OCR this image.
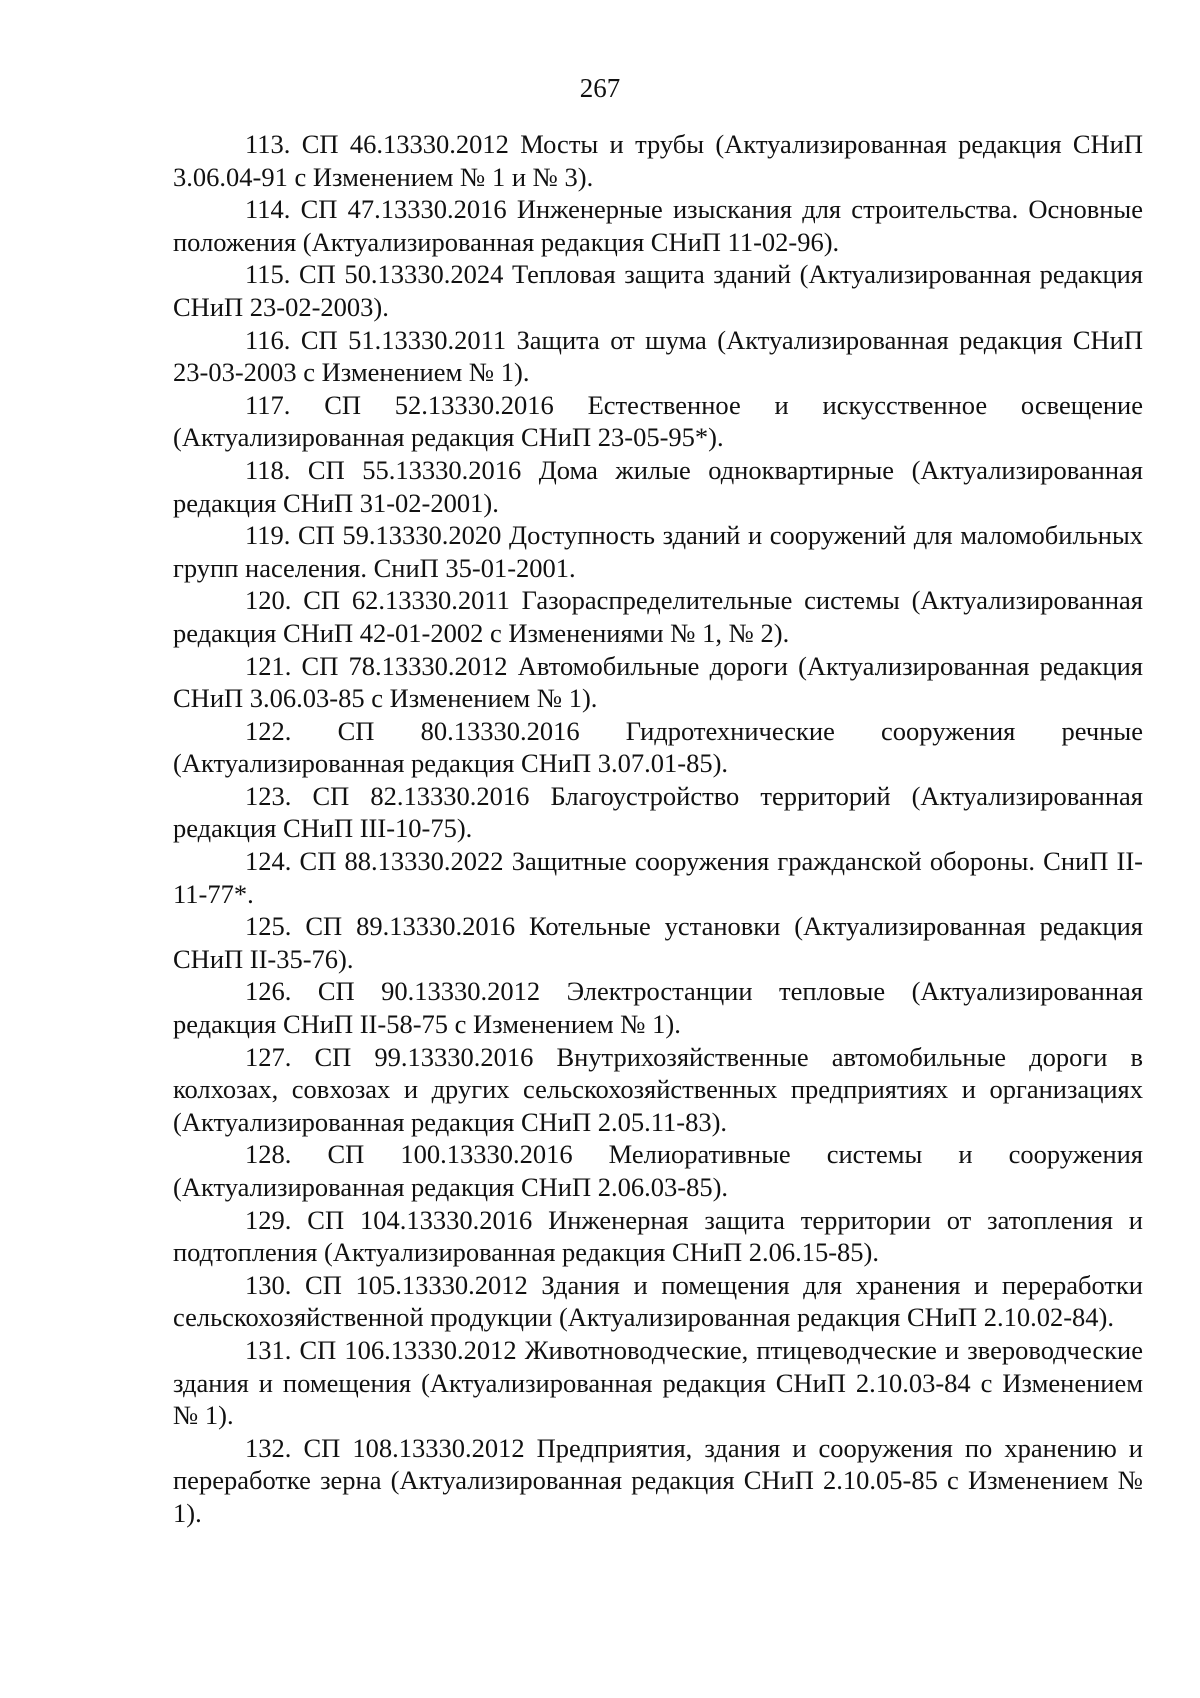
267

113. СП 46.13330.2012 Мосты и трубы (Актуализированная редакция СНиП 3.06.04-91 с Изменением № 1 и № 3).

114. СП 47.13330.2016 Инженерные изыскания для строительства. Основные положения (Актуализированная редакция СНиП 11-02-96).

115. СП 50.13330.2024 Тепловая защита зданий (Актуализированная редакция СНиП 23-02-2003).

116. СП 51.13330.2011 Защита от шума (Актуализированная редакция СНиП 23-03-2003 с Изменением № 1).

117. СП 52.13330.2016 Естественное и искусственное освещение (Актуализированная редакция СНиП 23-05-95*).

118. СП 55.13330.2016 Дома жилые одноквартирные (Актуализированная редакция СНиП 31-02-2001).

119. СП 59.13330.2020 Доступность зданий и сооружений для маломобильных групп населения. СниП 35-01-2001.

120. СП 62.13330.2011 Газораспределительные системы (Актуализированная редакция СНиП 42-01-2002 с Изменениями № 1, № 2).

121. СП 78.13330.2012 Автомобильные дороги (Актуализированная редакция СНиП 3.06.03-85 с Изменением № 1).

122. СП 80.13330.2016 Гидротехнические сооружения речные (Актуализированная редакция СНиП 3.07.01-85).

123. СП 82.13330.2016 Благоустройство территорий (Актуализированная редакция СНиП III-10-75).

124. СП 88.13330.2022 Защитные сооружения гражданской обороны. СниП II-11-77*.

125. СП 89.13330.2016 Котельные установки (Актуализированная редакция СНиП II-35-76).

126. СП 90.13330.2012 Электростанции тепловые (Актуализированная редакция СНиП II-58-75 с Изменением № 1).

127. СП 99.13330.2016 Внутрихозяйственные автомобильные дороги в колхозах, совхозах и других сельскохозяйственных предприятиях и организациях (Актуализированная редакция СНиП 2.05.11-83).

128. СП 100.13330.2016 Мелиоративные системы и сооружения (Актуализированная редакция СНиП 2.06.03-85).

129. СП 104.13330.2016 Инженерная защита территории от затопления и подтопления (Актуализированная редакция СНиП 2.06.15-85).

130. СП 105.13330.2012 Здания и помещения для хранения и переработки сельскохозяйственной продукции (Актуализированная редакция СНиП 2.10.02-84).

131. СП 106.13330.2012 Животноводческие, птицеводческие и звероводческие здания и помещения (Актуализированная редакция СНиП 2.10.03-84 с Изменением № 1).

132. СП 108.13330.2012 Предприятия, здания и сооружения по хранению и переработке зерна (Актуализированная редакция СНиП 2.10.05-85 с Изменением № 1).
